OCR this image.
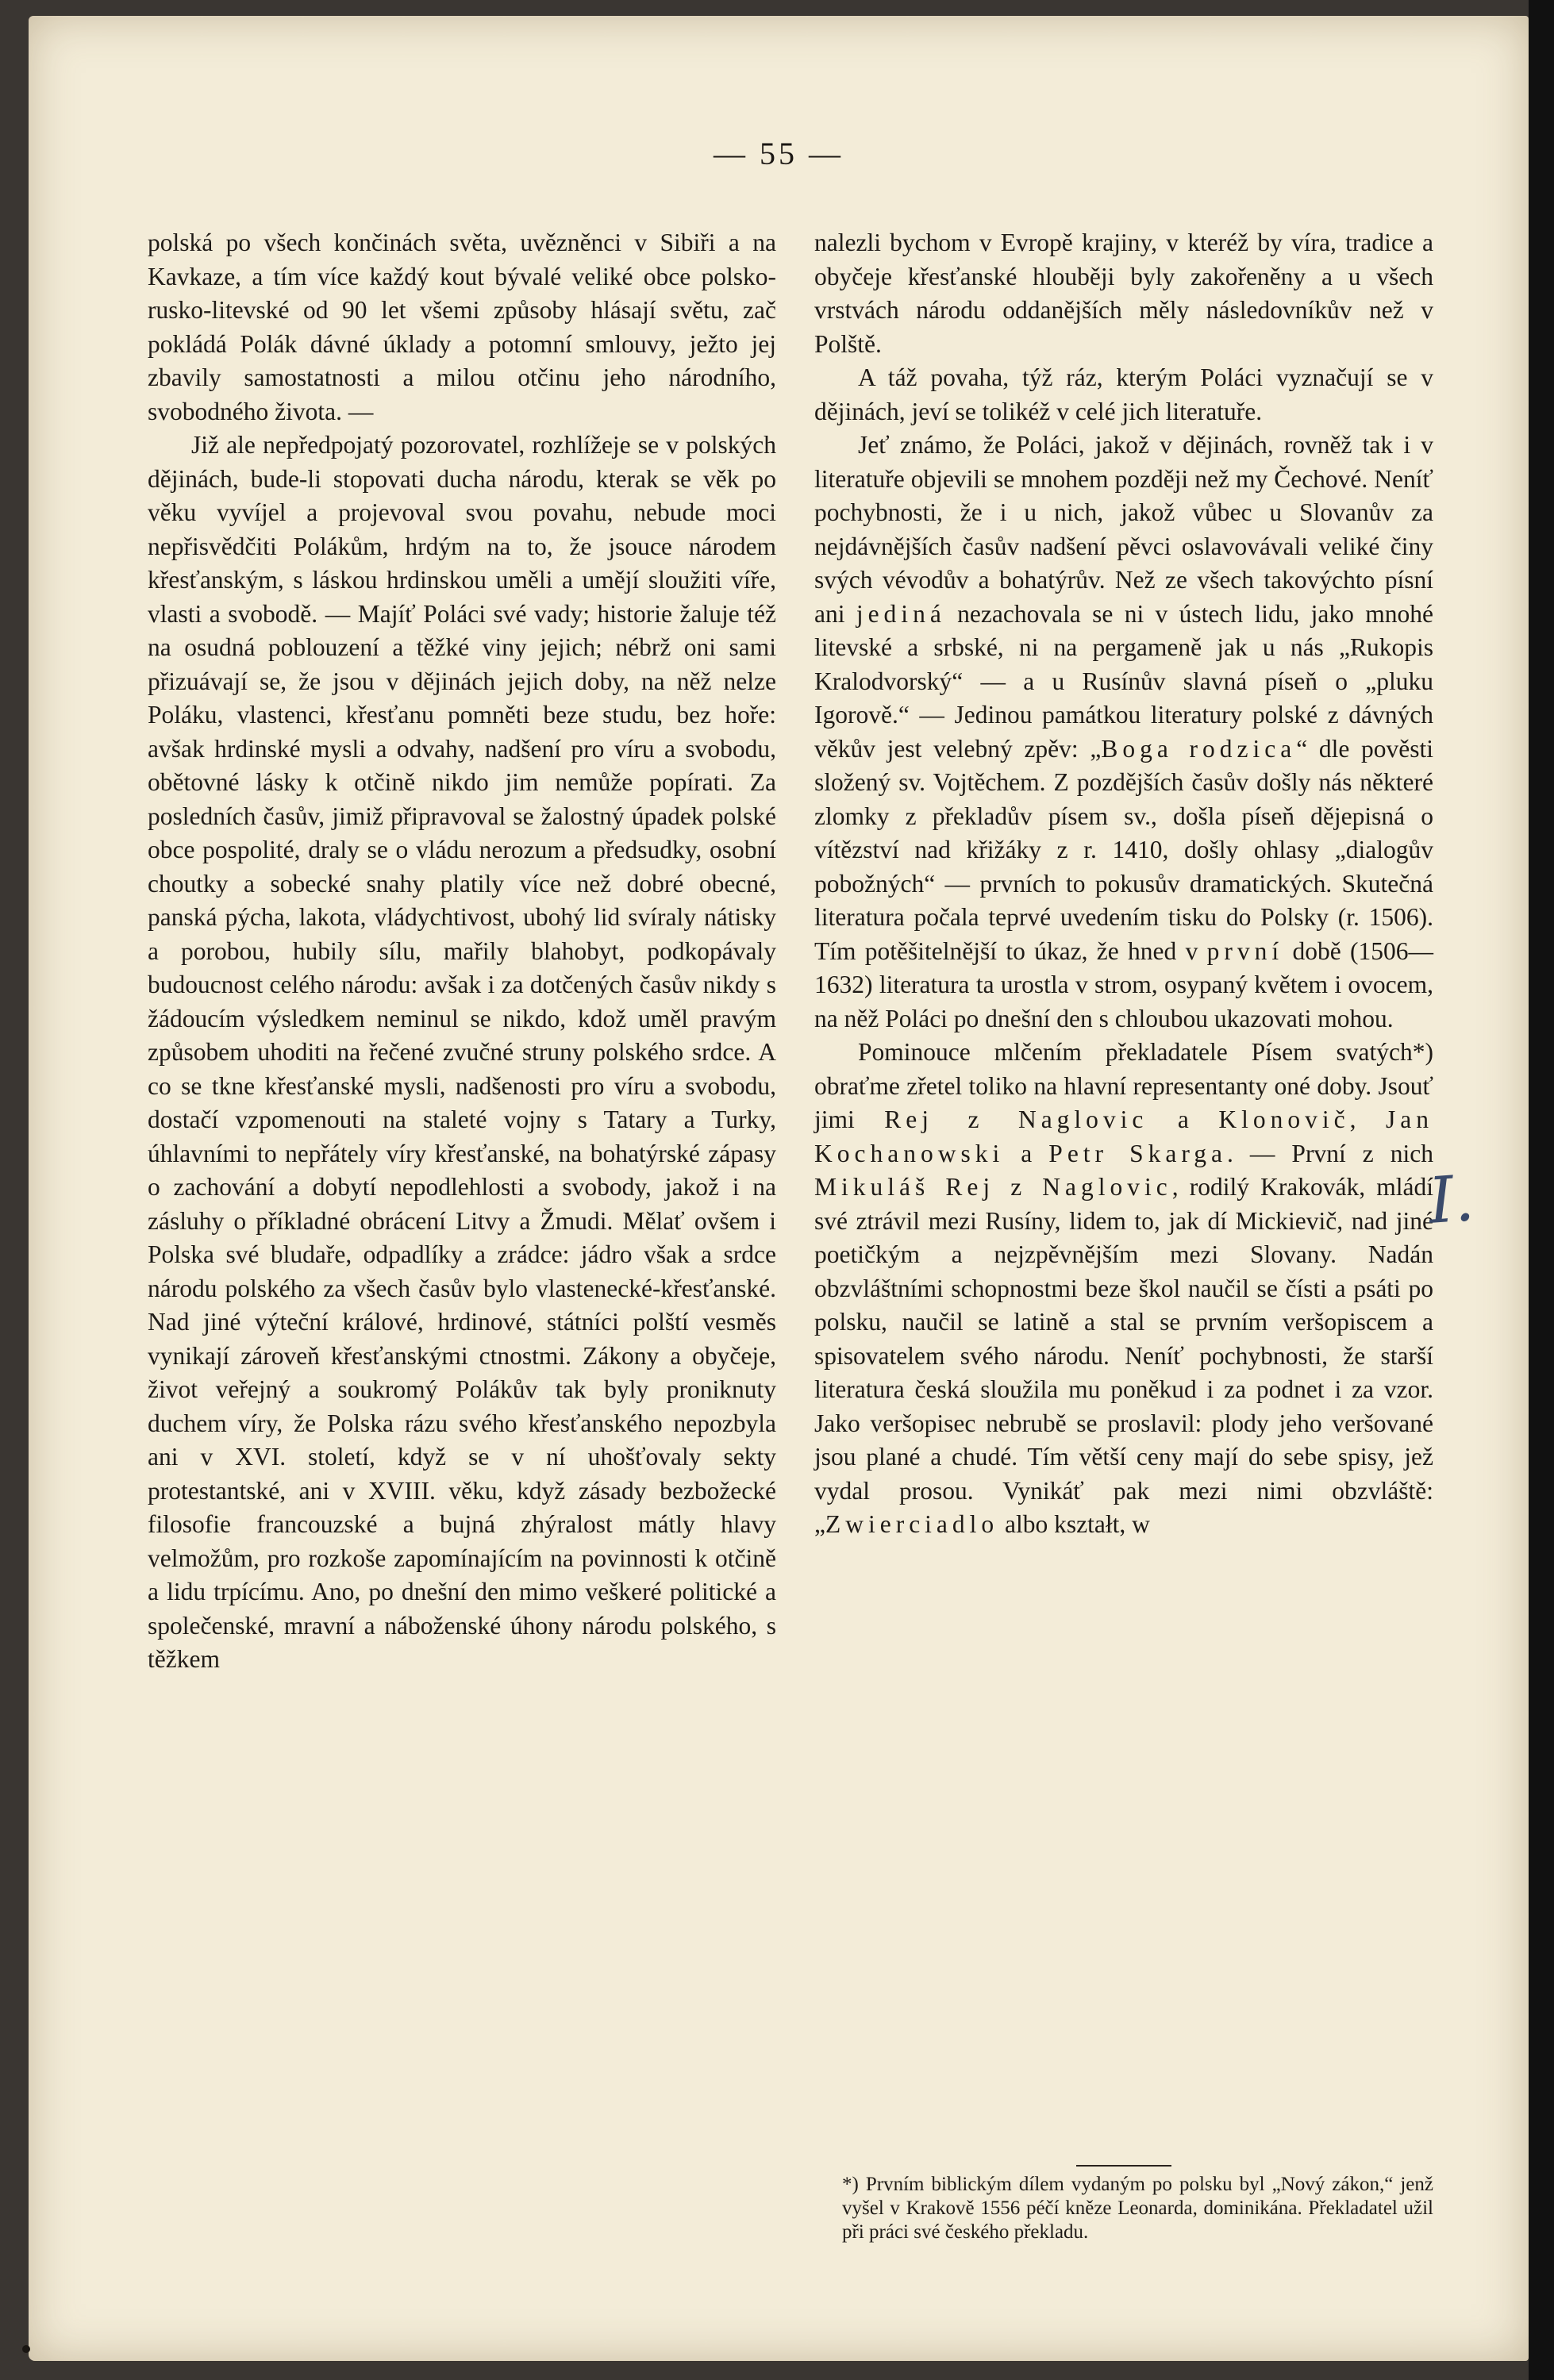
— 55 —

polská po všech končinách světa, uvězněnci v Sibiři a na Kavkaze, a tím více každý kout bývalé veliké obce polsko-rusko-litevské od 90 let všemi způsoby hlásají světu, zač pokládá Polák dávné úklady a potomní smlouvy, ježto jej zbavily samostatnosti a milou otčinu jeho národního, svobodného života. —

Již ale nepředpojatý pozorovatel, rozhlížeje se v polských dějinách, bude-li stopovati ducha národu, kterak se věk po věku vyvíjel a projevoval svou povahu, nebude moci nepřisvědčiti Polákům, hrdým na to, že jsouce národem křesťanským, s láskou hrdinskou uměli a umějí sloužiti víře, vlasti a svobodě. — Majíť Poláci své vady; historie žaluje též na osudná poblouzení a těžké viny jejich; nébrž oni sami přizuávají se, že jsou v dějinách jejich doby, na něž nelze Poláku, vlastenci, křesťanu pomněti beze studu, bez hoře: avšak hrdinské mysli a odvahy, nadšení pro víru a svobodu, obětovné lásky k otčině nikdo jim nemůže popírati. Za posledních časův, jimiž připravoval se žalostný úpadek polské obce pospolité, draly se o vládu nerozum a předsudky, osobní choutky a sobecké snahy platily více než dobré obecné, panská pýcha, lakota, vládychtivost, ubohý lid svíraly nátisky a porobou, hubily sílu, mařily blahobyt, podkopávaly budoucnost celého národu: avšak i za dotčených časův nikdy s žádoucím výsledkem neminul se nikdo, kdož uměl pravým způsobem uhoditi na řečené zvučné struny polského srdce. A co se tkne křesťanské mysli, nadšenosti pro víru a svobodu, dostačí vzpomenouti na staleté vojny s Tatary a Turky, úhlavními to nepřátely víry křesťanské, na bohatýrské zápasy o zachování a dobytí nepodlehlosti a svobody, jakož i na zásluhy o příkladné obrácení Litvy a Žmudi. Mělať ovšem i Polska své bludaře, odpadlíky a zrádce: jádro však a srdce národu polského za všech časův bylo vlastenecké-křesťanské. Nad jiné výteční králové, hrdinové, státníci polští vesměs vynikají zároveň křesťanskými ctnostmi. Zákony a obyčeje, život veřejný a soukromý Polákův tak byly proniknuty duchem víry, že Polska rázu svého křesťanského nepozbyla ani v XVI. století, když se v ní uhošťovaly sekty protestantské, ani v XVIII. věku, když zásady bezbožecké filosofie francouzské a bujná zhýralost mátly hlavy velmožům, pro rozkoše zapomínajícím na povinnosti k otčině a lidu trpícímu. Ano, po dnešní den mimo veškeré politické a společenské, mravní a náboženské úhony národu polského, s těžkem

nalezli bychom v Evropě krajiny, v kteréž by víra, tradice a obyčeje křesťanské hlouběji byly zakořeněny a u všech vrstvách národu oddanějších měly následovníkův než v Polště.

A táž povaha, týž ráz, kterým Poláci vyznačují se v dějinách, jeví se tolikéž v celé jich literatuře.

Jeť známo, že Poláci, jakož v dějinách, rovněž tak i v literatuře objevili se mnohem později než my Čechové. Neníť pochybnosti, že i u nich, jakož vůbec u Slovanův za nejdávnějších časův nadšení pěvci oslavovávali veliké činy svých vévodův a bohatýrův. Než ze všech takovýchto písní ani jediná nezachovala se ni v ústech lidu, jako mnohé litevské a srbské, ni na pergameně jak u nás „Rukopis Kralodvorský“ — a u Rusínův slavná píseň o „pluku Igorově.“ — Jedinou památkou literatury polské z dávných věkův jest velebný zpěv: „Boga rodzica“ dle pověsti složený sv. Vojtěchem. Z pozdějších časův došly nás některé zlomky z překladův písem sv., došla píseň dějepisná o vítězství nad křižáky z r. 1410, došly ohlasy „dialogův pobožných“ — prvních to pokusův dramatických. Skutečná literatura počala teprvé uvedením tisku do Polsky (r. 1506). Tím potěšitelnější to úkaz, že hned v první době (1506—1632) literatura ta urostla v strom, osypaný květem i ovocem, na něž Poláci po dnešní den s chloubou ukazovati mohou.

Pominouce mlčením překladatele Písem svatých*) obraťme zřetel toliko na hlavní representanty oné doby. Jsouť jimi Rej z Naglovic a Klonovič, Jan Kochanowski a Petr Skarga. — První z nich Mikuláš Rej z Naglovic, rodilý Krakovák, mládí své ztrávil mezi Rusíny, lidem to, jak dí Mickievič, nad jiné poetičkým a nejzpěvnějším mezi Slovany. Nadán obzvláštními schopnostmi beze škol naučil se čísti a psáti po polsku, naučil se latině a stal se prvním veršopiscem a spisovatelem svého národu. Neníť pochybnosti, že starší literatura česká sloužila mu poněkud i za podnet i za vzor. Jako veršopisec nebrubě se proslavil: plody jeho veršované jsou plané a chudé. Tím větší ceny mají do sebe spisy, jež vydal prosou. Vynikáť pak mezi nimi obzvláště: „Zwierciadlo albo kształt, w

*) Prvním biblickým dílem vydaným po polsku byl „Nový zákon,“ jenž vyšel v Krakově 1556 péčí kněze Leonarda, dominikána. Překladatel užil při práci své českého překladu.

I.
